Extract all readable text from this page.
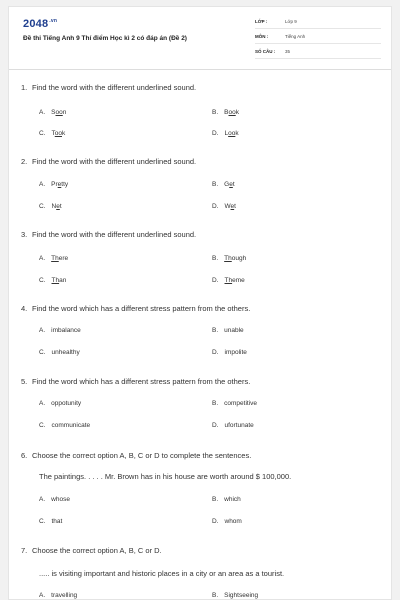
$2048^{.vn}$
Đề thi Tiếng Anh 9 Thí điểm Học kì 2 có đáp án (Đề 2)
LỚP :	Lớp 9
MÔN :	Tiếng Anh
SỐ CÂU : 35
1. Find the word with the different underlined sound.
A. Soon	B. Book
C. Took	D. Look
2. Find the word with the different underlined sound.
A. Pretty	B. Get
C. Net	D. Wet
3. Find the word with the different underlined sound.
A. There	B. Though
C. Than	D. Theme
4. Find the word which has a different stress pattern from the others.
A. imbalance	B. unable
C. unhealthy	D. impolite
5. Find the word which has a different stress pattern from the others.
A. oppotunity	B. competitive
C. communicate	D. ufortunate
6. Choose the correct option A, B, C or D to complete the sentences.
The paintings. . . . . Mr. Brown has in his house are worth around $ 100,000.
A. whose	B. which
C. that	D. whom
7. Choose the correct option A, B, C or D.
..... is visiting important and historic places in a city or an area as a tourist.
A. travelling	B. Sightseeing
